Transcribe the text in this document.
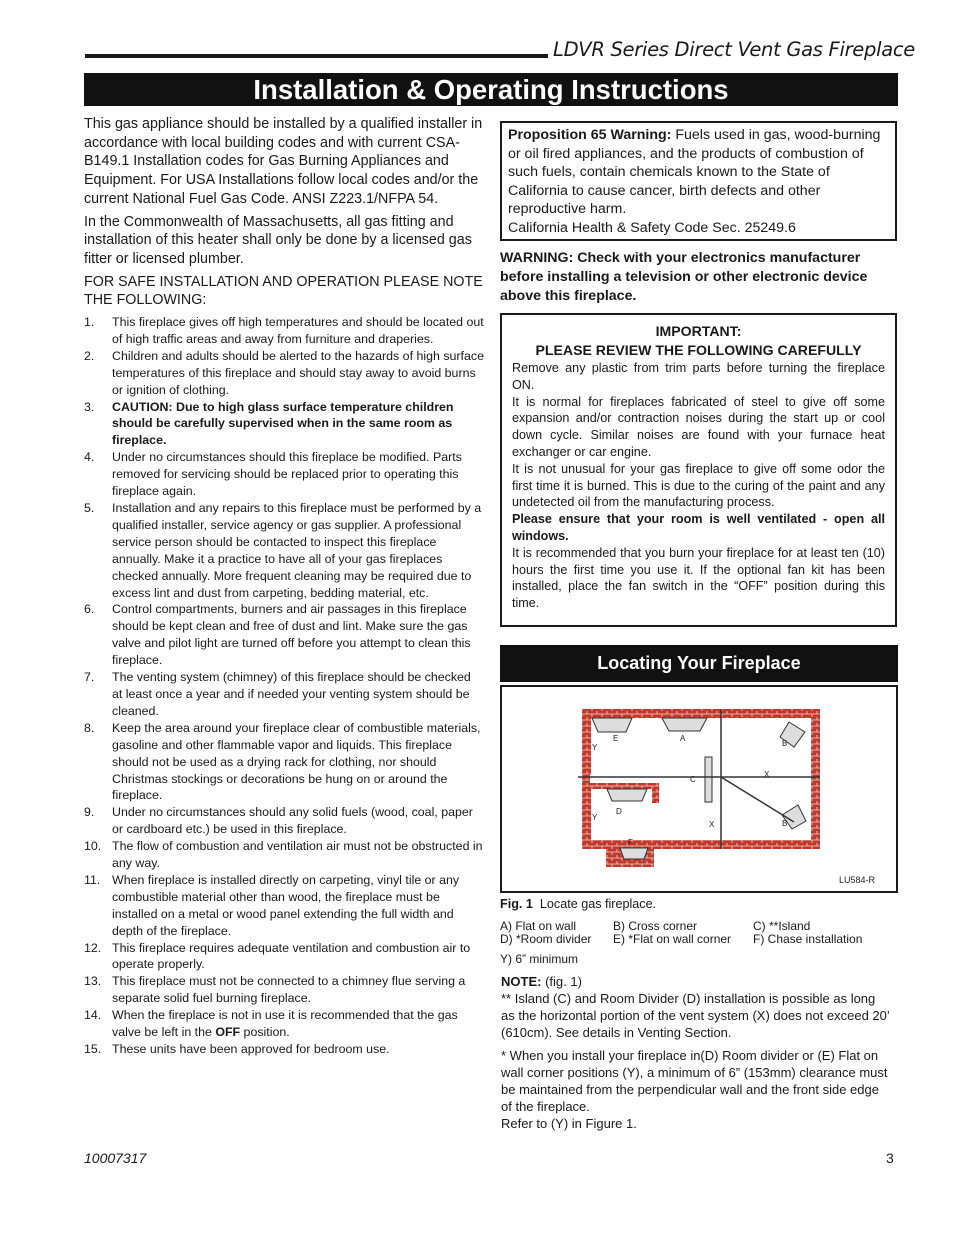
LDVR Series Direct Vent Gas Fireplace
Installation & Operating Instructions

This gas appliance should be installed by a qualified installer in accordance with local building codes and with current CSA-B149.1 Installation codes for Gas Burning Appliances and Equipment. For USA Installations follow local codes and/or the current National Fuel Gas Code. ANSI Z223.1/NFPA 54.

In the Commonwealth of Massachusetts, all gas fitting and installation of this heater shall only be done by a licensed gas fitter or licensed plumber.

FOR SAFE INSTALLATION AND OPERATION PLEASE NOTE THE FOLLOWING:

1. This fireplace gives off high temperatures and should be located out of high traffic areas and away from furniture and draperies.
2. Children and adults should be alerted to the hazards of high surface temperatures of this fireplace and should stay away to avoid burns or ignition of clothing.
3. CAUTION: Due to high glass surface temperature children should be carefully supervised when in the same room as fireplace.
4. Under no circumstances should this fireplace be modified. Parts removed for servicing should be replaced prior to operating this fireplace again.
5. Installation and any repairs to this fireplace must be performed by a qualified installer, service agency or gas supplier. A professional service person should be contacted to inspect this fireplace annually. Make it a practice to have all of your gas fireplaces checked annually. More frequent cleaning may be required due to excess lint and dust from carpeting, bedding material, etc.
6. Control compartments, burners and air passages in this fireplace should be kept clean and free of dust and lint. Make sure the gas valve and pilot light are turned off before you attempt to clean this fireplace.
7. The venting system (chimney) of this fireplace should be checked at least once a year and if needed your venting system should be cleaned.
8. Keep the area around your fireplace clear of combustible materials, gasoline and other flammable vapor and liquids. This fireplace should not be used as a drying rack for clothing, nor should Christmas stockings or decorations be hung on or around the fireplace.
9. Under no circumstances should any solid fuels (wood, coal, paper or cardboard etc.) be used in this fireplace.
10. The flow of combustion and ventilation air must not be obstructed in any way.
11. When fireplace is installed directly on carpeting, vinyl tile or any combustible material other than wood, the fireplace must be installed on a metal or wood panel extending the full width and depth of the fireplace.
12. This fireplace requires adequate ventilation and combustion air to operate properly.
13. This fireplace must not be connected to a chimney flue serving a separate solid fuel burning fireplace.
14. When the fireplace is not in use it is recommended that the gas valve be left in the OFF position.
15. These units have been approved for bedroom use.
Proposition 65 Warning: Fuels used in gas, wood-burning or oil fired appliances, and the products of combustion of such fuels, contain chemicals known to the State of California to cause cancer, birth defects and other reproductive harm.
California Health & Safety Code Sec. 25249.6
WARNING: Check with your electronics manufacturer before installing a television or other electronic device above this fireplace.
IMPORTANT:
PLEASE REVIEW THE FOLLOWING CAREFULLY

Remove any plastic from trim parts before turning the fireplace ON.

It is normal for fireplaces fabricated of steel to give off some expansion and/or contraction noises during the start up or cool down cycle. Similar noises are found with your furnace heat exchanger or car engine.

It is not unusual for your gas fireplace to give off some odor the first time it is burned. This is due to the curing of the paint and any undetected oil from the manufacturing process.

Please ensure that your room is well ventilated - open all windows.

It is recommended that you burn your fireplace for at least ten (10) hours the first time you use it. If the optional fan kit has been installed, place the fan switch in the “OFF” position during this time.

Locating Your Fireplace
Y
E	A
B
C
X
D
Y
X	B
F
LU584-R
Fig. 1 Locate gas fireplace.
A) Flat on wall	B) Cross corner	C) **Island
D) *Room divider	E) *Flat on wall corner	F) Chase installation
Y) 6” minimum

NOTE: (fig. 1)

** Island (C) and Room Divider (D) installation is possible as long as the horizontal portion of the vent system (X) does not exceed 20’ (610cm). See details in Venting Section.

* When you install your fireplace in(D) Room divider or (E) Flat on wall corner positions (Y), a minimum of 6” (153mm) clearance must be maintained from the perpendicular wall and the front side edge of the fireplace.

Refer to (Y) in Figure 1.

10007317	3
